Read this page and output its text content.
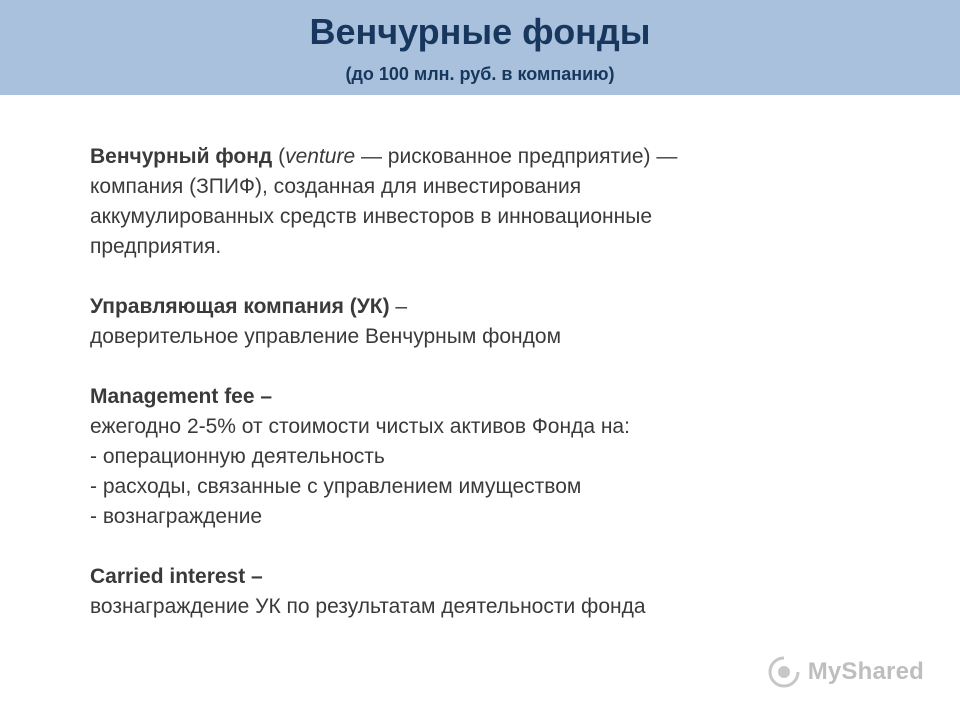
Венчурные фонды
(до 100 млн. руб. в компанию)
Венчурный фонд (venture — рискованное предприятие) —
компания (ЗПИФ), созданная для инвестирования
аккумулированных средств инвесторов в инновационные
предприятия.
Управляющая компания (УК) –
доверительное управление Венчурным фондом
Management fee –
ежегодно 2-5% от стоимости чистых активов Фонда на:
- операционную деятельность
- расходы, связанные с управлением имуществом
- вознаграждение
Carried interest –
вознаграждение УК по результатам деятельности фонда
MyShared
